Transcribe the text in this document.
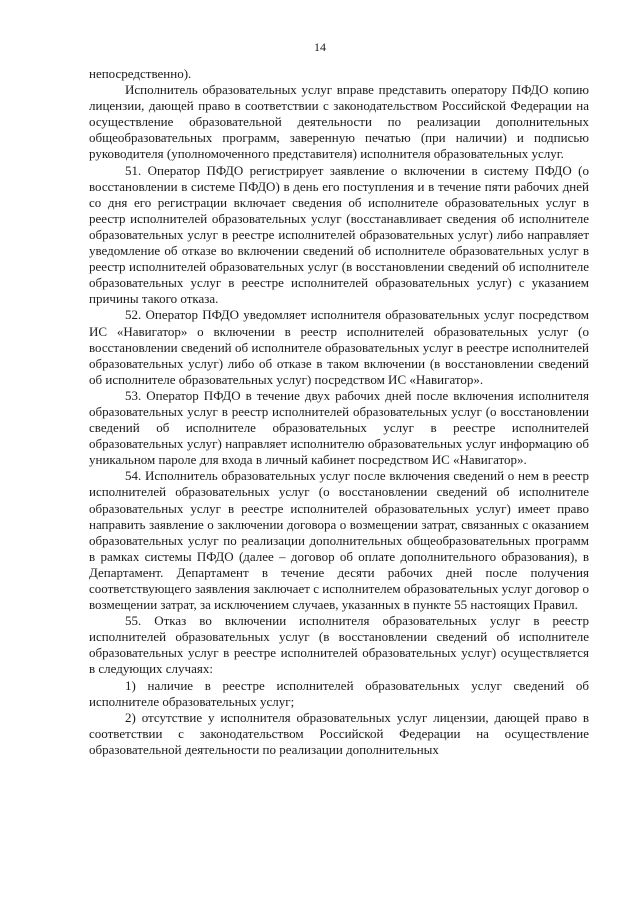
14

непосредственно).

Исполнитель образовательных услуг вправе представить оператору ПФДО копию лицензии, дающей право в соответствии с законодательством Российской Федерации на осуществление образовательной деятельности по реализации дополнительных общеобразовательных программ, заверенную печатью (при наличии) и подписью руководителя (уполномоченного представителя) исполнителя образовательных услуг.

51. Оператор ПФДО регистрирует заявление о включении в систему ПФДО (о восстановлении в системе ПФДО) в день его поступления и в течение пяти рабочих дней со дня его регистрации включает сведения об исполнителе образовательных услуг в реестр исполнителей образовательных услуг (восстанавливает сведения об исполнителе образовательных услуг в реестре исполнителей образовательных услуг) либо направляет уведомление об отказе во включении сведений об исполнителе образовательных услуг в реестр исполнителей образовательных услуг (в восстановлении сведений об исполнителе образовательных услуг в реестре исполнителей образовательных услуг) с указанием причины такого отказа.

52. Оператор ПФДО уведомляет исполнителя образовательных услуг посредством ИС «Навигатор» о включении в реестр исполнителей образовательных услуг (о восстановлении сведений об исполнителе образовательных услуг в реестре исполнителей образовательных услуг) либо об отказе в таком включении (в восстановлении сведений об исполнителе образовательных услуг) посредством ИС «Навигатор».

53. Оператор ПФДО в течение двух рабочих дней после включения исполнителя образовательных услуг в реестр исполнителей образовательных услуг (о восстановлении сведений об исполнителе образовательных услуг в реестре исполнителей образовательных услуг) направляет исполнителю образовательных услуг информацию об уникальном пароле для входа в личный кабинет посредством ИС «Навигатор».

54. Исполнитель образовательных услуг после включения сведений о нем в реестр исполнителей образовательных услуг (о восстановлении сведений об исполнителе образовательных услуг в реестре исполнителей образовательных услуг) имеет право направить заявление о заключении договора о возмещении затрат, связанных с оказанием образовательных услуг по реализации дополнительных общеобразовательных программ в рамках системы ПФДО (далее – договор об оплате дополнительного образования), в Департамент. Департамент в течение десяти рабочих дней после получения соответствующего заявления заключает с исполнителем образовательных услуг договор о возмещении затрат, за исключением случаев, указанных в пункте 55 настоящих Правил.

55. Отказ во включении исполнителя образовательных услуг в реестр исполнителей образовательных услуг (в восстановлении сведений об исполнителе образовательных услуг в реестре исполнителей образовательных услуг) осуществляется в следующих случаях:

1) наличие в реестре исполнителей образовательных услуг сведений об исполнителе образовательных услуг;

2) отсутствие у исполнителя образовательных услуг лицензии, дающей право в соответствии с законодательством Российской Федерации на осуществление образовательной деятельности по реализации дополнительных
